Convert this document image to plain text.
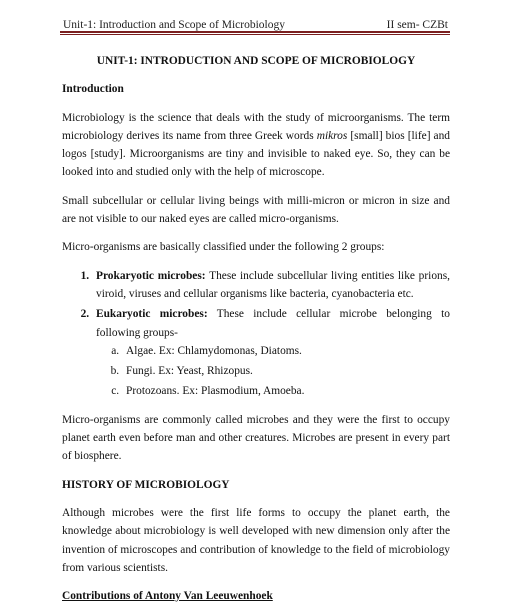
Unit-1: Introduction and Scope of Microbiology	II sem- CZBt
UNIT-1: INTRODUCTION AND SCOPE OF MICROBIOLOGY
Introduction

Microbiology is the science that deals with the study of microorganisms. The term microbiology derives its name from three Greek words mikros [small] bios [life] and logos [study]. Microorganisms are tiny and invisible to naked eye. So, they can be looked into and studied only with the help of microscope.

Small subcellular or cellular living beings with milli-micron or micron in size and are not visible to our naked eyes are called micro-organisms.

Micro-organisms are basically classified under the following 2 groups:

1. Prokaryotic microbes: These include subcellular living entities like prions, viroid, viruses and cellular organisms like bacteria, cyanobacteria etc.
2. Eukaryotic microbes: These include cellular microbe belonging to following groups-
a. Algae. Ex: Chlamydomonas, Diatoms.
b. Fungi. Ex: Yeast, Rhizopus.
c. Protozoans. Ex: Plasmodium, Amoeba.

Micro-organisms are commonly called microbes and they were the first to occupy planet earth even before man and other creatures. Microbes are present in every part of biosphere.

HISTORY OF MICROBIOLOGY

Although microbes were the first life forms to occupy the planet earth, the knowledge about microbiology is well developed with new dimension only after the invention of microscopes and contribution of knowledge to the field of microbiology from various scientists.

Contributions of Antony Van Leeuwenhoek
